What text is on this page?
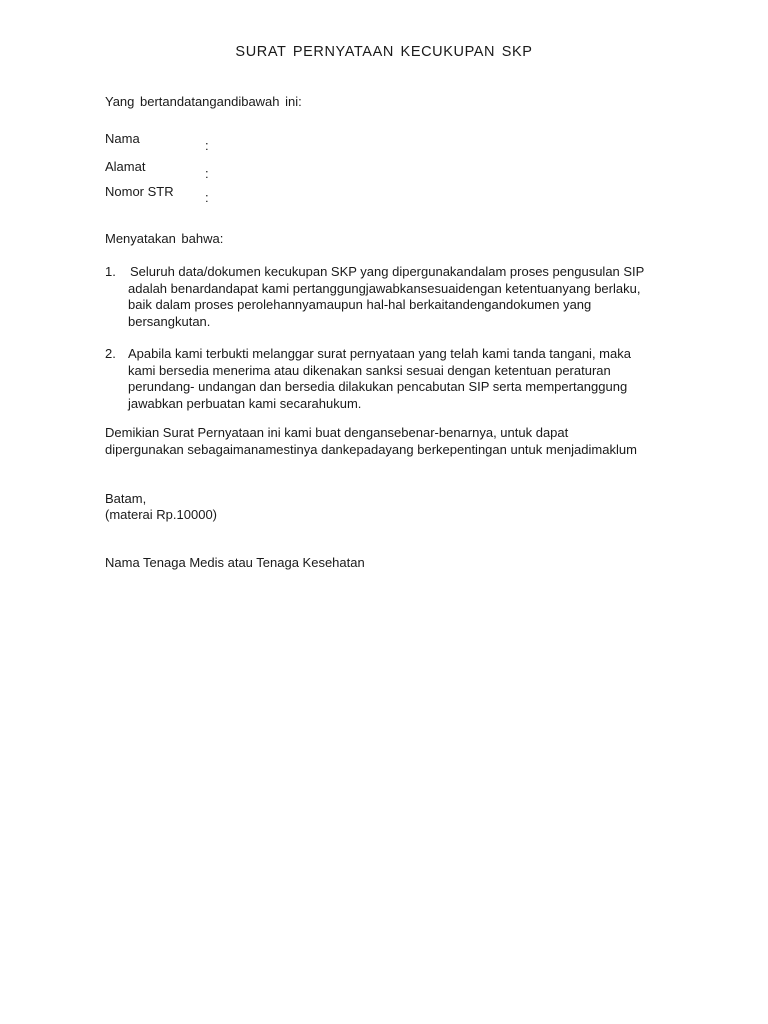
SURAT PERNYATAAN KECUKUPAN SKP
Yang bertandatangandibawah ini:
Nama	:
Alamat	:
Nomor STR :
Menyatakan bahwa:
1. Seluruh data/dokumen kecukupan SKP yang dipergunakandalam proses pengusulan SIP
adalah benardandapat kami pertanggungjawabkansesuaidengan ketentuanyang berlaku,
baik dalam proses perolehannyamaupun hal-hal berkaitandengandokumen yang
bersangkutan.
2. Apabila kami terbukti melanggar surat pernyataan yang telah kami tanda tangani, maka
kami bersedia menerima atau dikenakan sanksi sesuai dengan ketentuan peraturan
perundang- undangan dan bersedia dilakukan pencabutan SIP serta mempertanggung
jawabkan perbuatan kami secarahukum.
Demikian Surat Pernyataan ini kami buat dengansebenar-benarnya, untuk dapat
dipergunakan sebagaimanamestinya dankepadayang berkepentingan untuk menjadimaklum
Batam,
(materai Rp.10000)
Nama Tenaga Medis atau Tenaga Kesehatan
